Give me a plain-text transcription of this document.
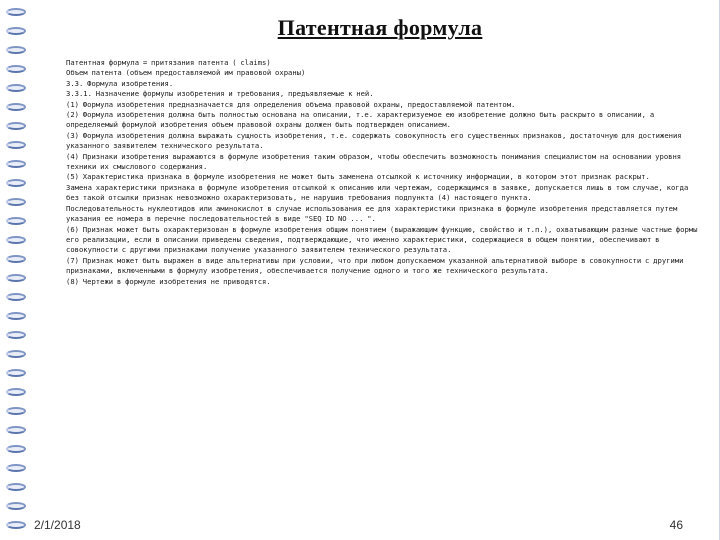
Патентная формула

Патентная формула = притязания патента ( claims)

Объем патента (объем предоставляемой им правовой охраны)

3.3. Формула изобретения.

3.3.1. Назначение формулы изобретения и требования, предъявляемые к ней.

(1) Формула изобретения предназначается для определения объема правовой охраны, предоставляемой патентом.

(2) Формула изобретения должна быть полностью основана на описании, т.е. характеризуемое ею изобретение должно быть раскрыто в описании, а определяемый формулой изобретения объем правовой охраны должен быть подтвержден описанием.

(3) Формула изобретения должна выражать сущность изобретения, т.е. содержать совокупность его существенных признаков, достаточную для достижения указанного заявителем технического результата.

(4) Признаки изобретения выражаются в формуле изобретения таким образом, чтобы обеспечить возможность понимания специалистом на основании уровня техники их смыслового содержания.

(5) Характеристика признака в формуле изобретения не может быть заменена отсылкой к источнику информации, в котором этот признак раскрыт.

Замена характеристики признака в формуле изобретения отсылкой к описанию или чертежам, содержащимся в заявке, допускается лишь в том случае, когда без такой отсылки признак невозможно охарактеризовать, не нарушив требования подпункта (4) настоящего пункта.

Последовательность нуклеотидов или аминокислот в случае использования ее для характеристики признака в формуле изобретения представляется путем указания ее номера в перечне последовательностей в виде "SEQ ID NO ... ".

(6) Признак может быть охарактеризован в формуле изобретения общим понятием (выражающим функцию, свойство и т.п.), охватывающим разные частные формы его реализации, если в описании приведены сведения, подтверждающие, что именно характеристики, содержащиеся в общем понятии, обеспечивают в совокупности с другими признаками получение указанного заявителем технического результата.

(7) Признак может быть выражен в виде альтернативы при условии, что при любом допускаемом указанной альтернативой выборе в совокупности с другими признаками, включенными в формулу изобретения, обеспечивается получение одного и того же технического результата.

(8) Чертежи в формуле изобретения не приводятся.

2/1/2018	46
